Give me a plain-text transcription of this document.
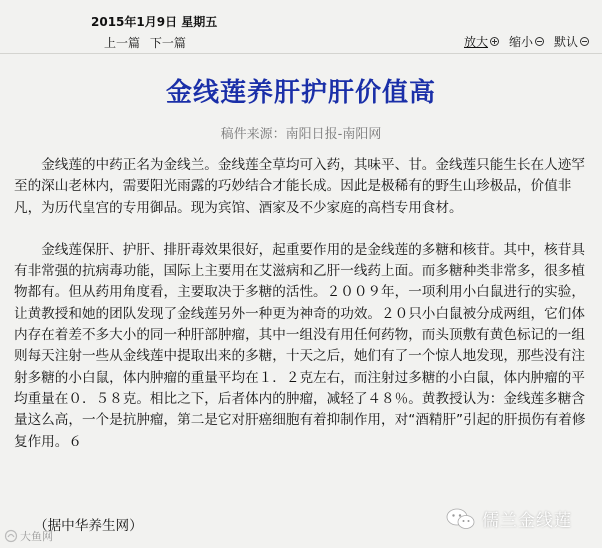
2015年1月9日 星期五
上一篇 下一篇	放大 缩小 默认
金线莲养肝护肝价值高
稿件来源：南阳日报-南阳网

金线莲的中药正名为金线兰。金线莲全草均可入药，其味平、甘。金线莲只能生长在人迹罕至的深山老林内，需要阳光雨露的巧妙结合才能长成。因此是极稀有的野生山珍极品，价值非凡，为历代皇宫的专用御品。现为宾馆、酒家及不少家庭的高档专用食材。

金线莲保肝、护肝、排肝毒效果很好，起重要作用的是金线莲的多糖和核苷。其中，核苷具有非常强的抗病毒功能，国际上主要用在艾滋病和乙肝一线药上面。而多糖种类非常多，很多植物都有。但从药用角度看，主要取决于多糖的活性。２００９年，一项利用小白鼠进行的实验，让黄教授和她的团队发现了金线莲另外一种更为神奇的功效。２０只小白鼠被分成两组，它们体内存在着差不多大小的同一种肝部肿瘤，其中一组没有用任何药物，而头顶敷有黄色标记的一组则每天注射一些从金线莲中提取出来的多糖，十天之后，她们有了一个惊人地发现，那些没有注射多糖的小白鼠，体内肿瘤的重量平均在１．２克左右，而注射过多糖的小白鼠，体内肿瘤的平均重量在０．５８克。相比之下，后者体内的肿瘤，减轻了４８％。黄教授认为：金线莲多糖含量这么高，一个是抗肿瘤，第二是它对肝癌细胞有着抑制作用，对“酒精肝”引起的肝损伤有着修复作用。６

（据中华养生网）
大鱼网
儒兰金线莲
